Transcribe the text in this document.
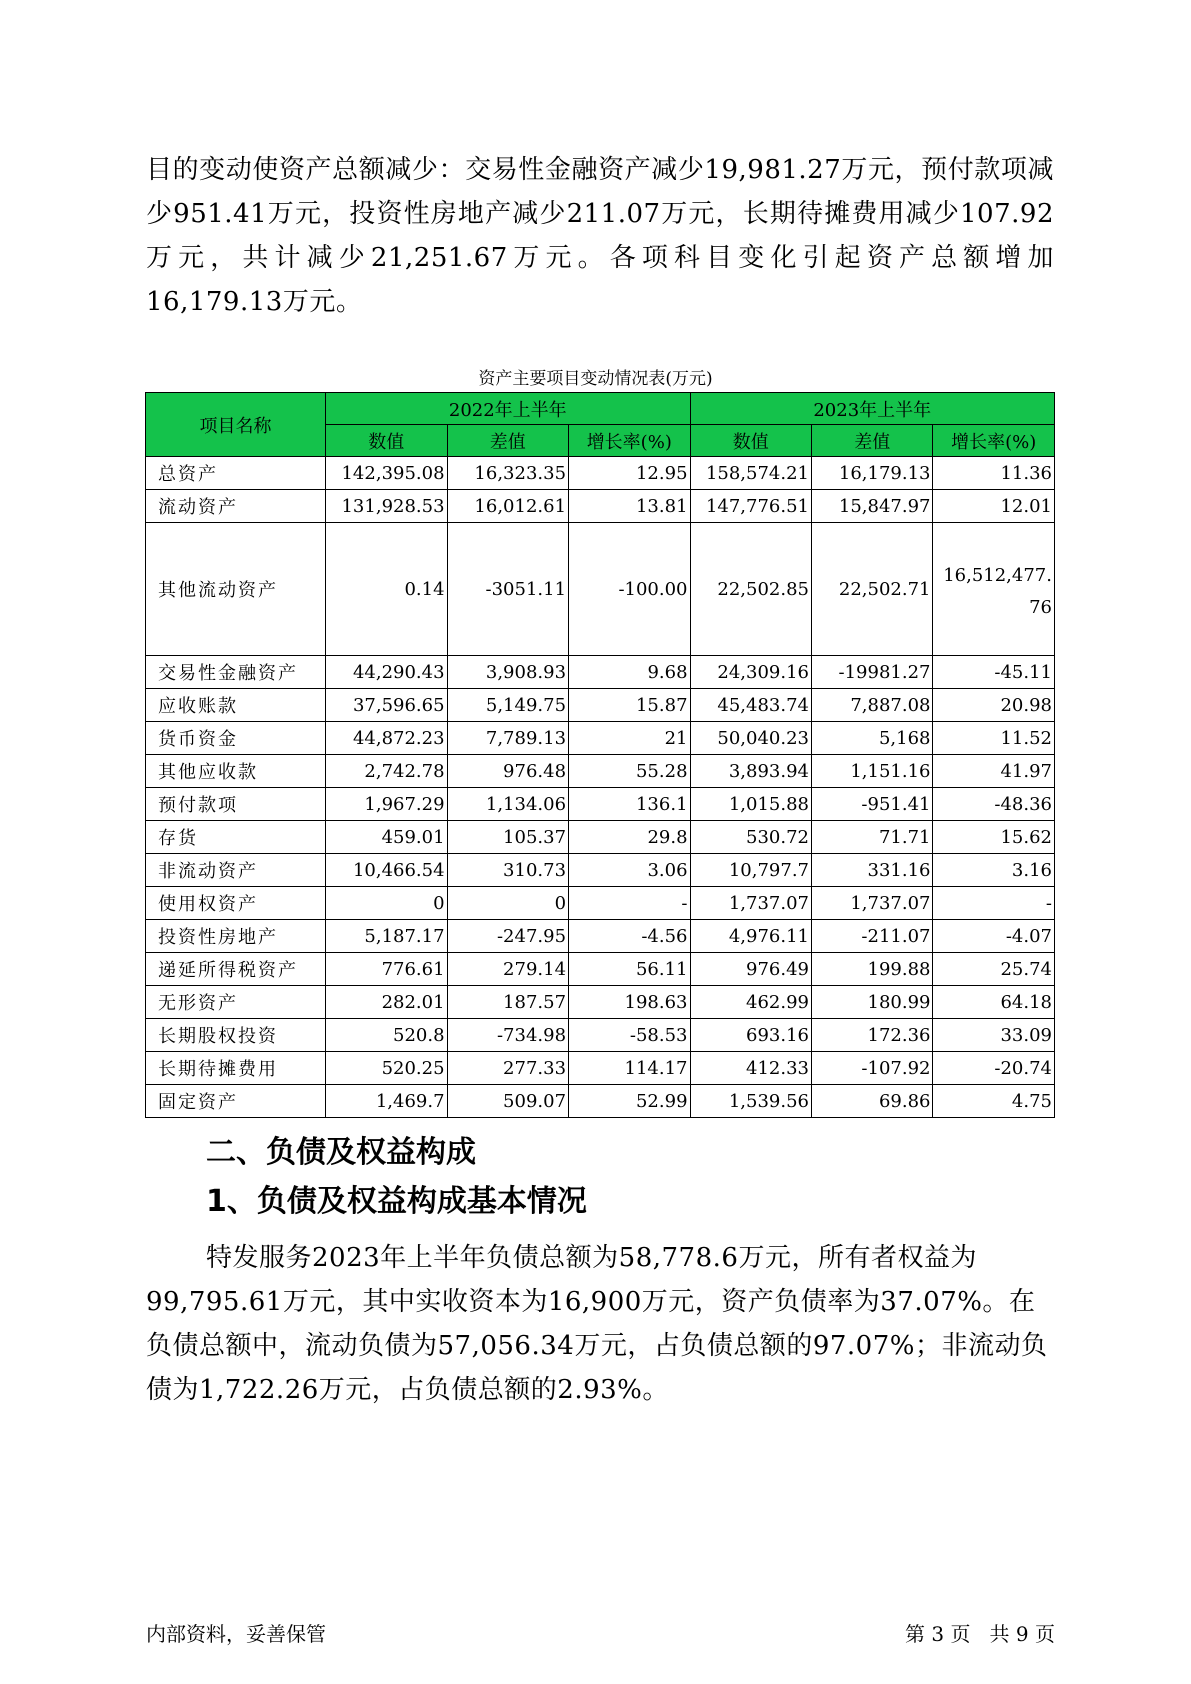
目的变动使资产总额减少：交易性金融资产减少19,981.27万元，预付款项减少951.41万元，投资性房地产减少211.07万元，长期待摊费用减少107.92万元，共计减少21,251.67万元。各项科目变化引起资产总额增加16,179.13万元。

资产主要项目变动情况表(万元)
项目名称	2022年上半年			2023年上半年		
	数值	差值	增长率(%)	数值	差值	增长率(%)
总资产	142,395.08	16,323.35	12.95	158,574.21	16,179.13	11.36
流动资产	131,928.53	16,012.61	13.81	147,776.51	15,847.97	12.01
其他流动资产	0.14	-3051.11	-100.00	22,502.85	22,502.71	16,512,477.76
交易性金融资产	44,290.43	3,908.93	9.68	24,309.16	-19981.27	-45.11
应收账款	37,596.65	5,149.75	15.87	45,483.74	7,887.08	20.98
货币资金	44,872.23	7,789.13	21	50,040.23	5,168	11.52
其他应收款	2,742.78	976.48	55.28	3,893.94	1,151.16	41.97
预付款项	1,967.29	1,134.06	136.1	1,015.88	-951.41	-48.36
存货	459.01	105.37	29.8	530.72	71.71	15.62
非流动资产	10,466.54	310.73	3.06	10,797.7	331.16	3.16
使用权资产	0	0	-	1,737.07	1,737.07	-
投资性房地产	5,187.17	-247.95	-4.56	4,976.11	-211.07	-4.07
递延所得税资产	776.61	279.14	56.11	976.49	199.88	25.74
无形资产	282.01	187.57	198.63	462.99	180.99	64.18
长期股权投资	520.8	-734.98	-58.53	693.16	172.36	33.09
长期待摊费用	520.25	277.33	114.17	412.33	-107.92	-20.74
固定资产	1,469.7	509.07	52.99	1,539.56	69.86	4.75
二、负债及权益构成
1、负债及权益构成基本情况

特发服务2023年上半年负债总额为58,778.6万元，所有者权益为99,795.61万元，其中实收资本为16,900万元，资产负债率为37.07%。在负债总额中，流动负债为57,056.34万元，占负债总额的97.07%；非流动负债为1,722.26万元，占负债总额的2.93%。

内部资料，妥善保管	第 3 页   共 9 页
